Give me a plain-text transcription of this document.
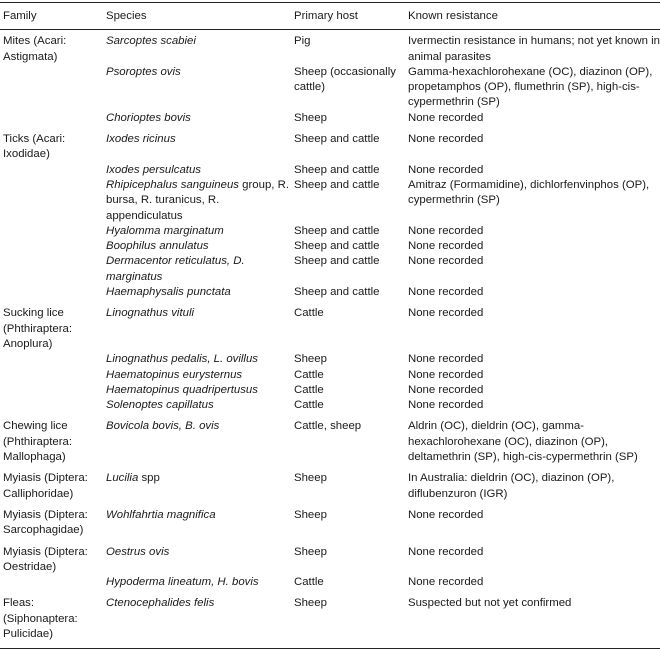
Family	Species	Primary host	Known resistance
Mites (Acari: Astigmata)	Sarcoptes scabiei	Pig	Ivermectin resistance in humans; not yet known in animal parasites
	Psoroptes ovis	Sheep (occasionally cattle)	Gamma-hexachlorohexane (OC), diazinon (OP), propetamphos (OP), flumethrin (SP), high-cis-cypermethrin (SP)
	Chorioptes bovis	Sheep	None recorded
Ticks (Acari: Ixodidae)	Ixodes ricinus	Sheep and cattle	None recorded
	Ixodes persulcatus	Sheep and cattle	None recorded
	Rhipicephalus sanguineus group, R. bursa, R. turanicus, R. appendiculatus	Sheep and cattle	Amitraz (Formamidine), dichlorfenvinphos (OP), cypermethrin (SP)
	Hyalomma marginatum	Sheep and cattle	None recorded
	Boophilus annulatus	Sheep and cattle	None recorded
	Dermacentor reticulatus, D. marginatus	Sheep and cattle	None recorded
	Haemaphysalis punctata	Sheep and cattle	None recorded
Sucking lice (Phthiraptera: Anoplura)	Linognathus vituli	Cattle	None recorded
	Linognathus pedalis, L. ovillus	Sheep	None recorded
	Haematopinus eurysternus	Cattle	None recorded
	Haematopinus quadripertusus	Cattle	None recorded
	Solenoptes capillatus	Cattle	None recorded
Chewing lice (Phthiraptera: Mallophaga)	Bovicola bovis, B. ovis	Cattle, sheep	Aldrin (OC), dieldrin (OC), gamma-hexachlorohexane (OC), diazinon (OP), deltamethrin (SP), high-cis-cypermethrin (SP)
Myiasis (Diptera: Calliphoridae)	Lucilia spp	Sheep	In Australia: dieldrin (OC), diazinon (OP), diflubenzuron (IGR)
Myiasis (Diptera: Sarcophagidae)	Wohlfahrtia magnifica	Sheep	None recorded
Myiasis (Diptera: Oestridae)	Oestrus ovis	Sheep	None recorded
	Hypoderma lineatum, H. bovis	Cattle	None recorded
Fleas: (Siphonaptera: Pulicidae)	Ctenocephalides felis	Sheep	Suspected but not yet confirmed
